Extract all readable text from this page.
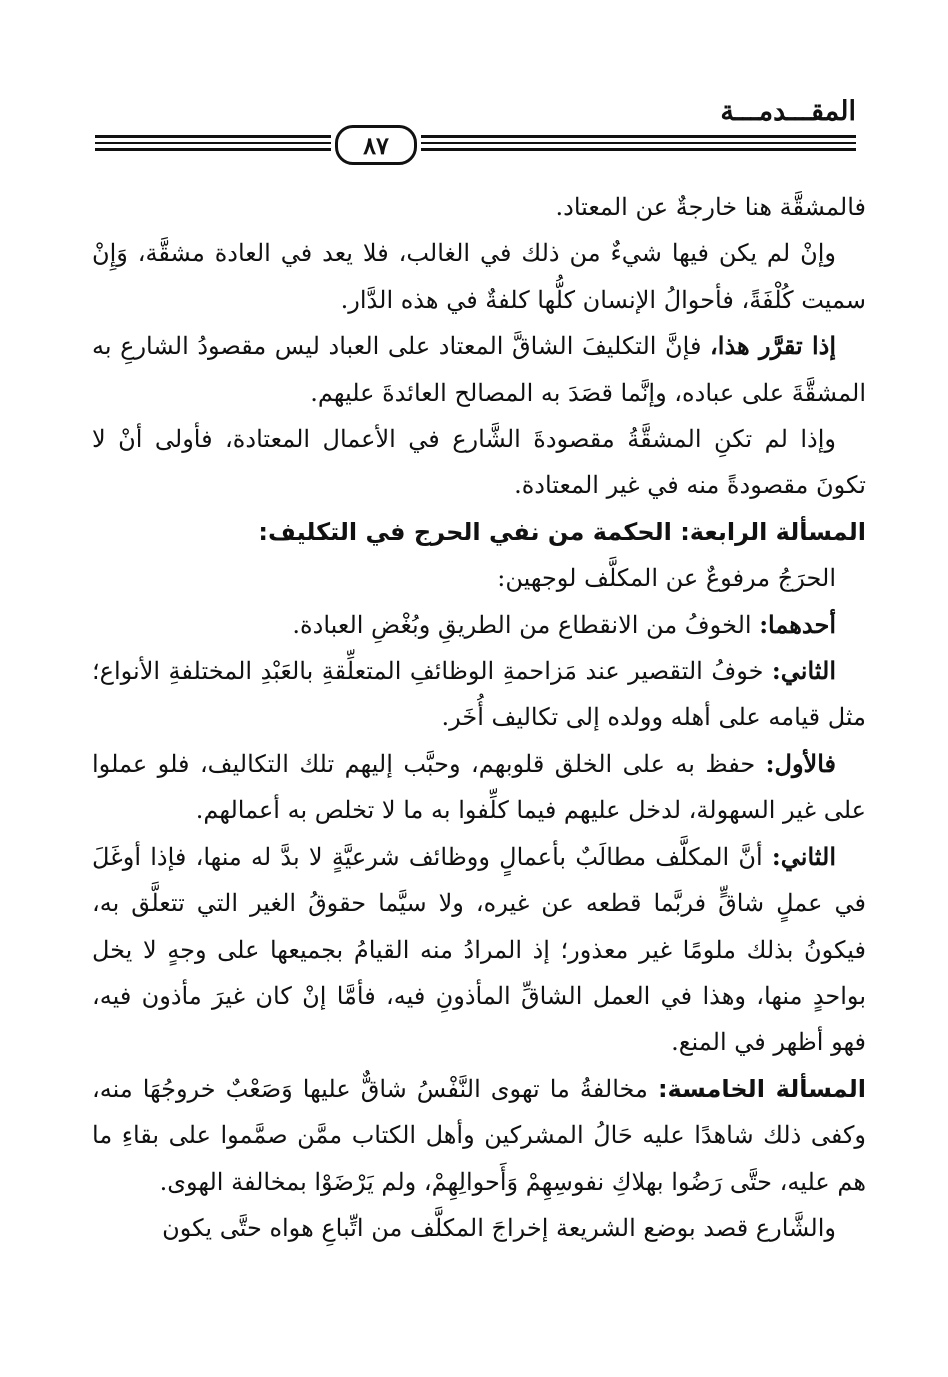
المقـــدمـــة
٨٧

فالمشقَّة هنا خارجةٌ عن المعتاد.

وإنْ لم يكن فيها شيءٌ من ذلك في الغالب، فلا يعد في العادة مشقَّة، وَإِنْ سميت كُلْفَةً، فأحوالُ الإنسان كلُّها كلفةٌ في هذه الدَّار.

إذا تقرَّر هذا، فإنَّ التكليفَ الشاقَّ المعتاد على العباد ليس مقصودُ الشارعِ به المشقَّةَ على عباده، وإنَّما قصَدَ به المصالح العائدةَ عليهم.

وإذا لم تكنِ المشقَّةُ مقصودةَ الشَّارع في الأعمال المعتادة، فأولى أنْ لا تكونَ مقصودةً منه في غير المعتادة.

المسألة الرابعة: الحكمة من نفي الحرج في التكليف:

الحرَجُ مرفوعٌ عن المكلَّف لوجهين:

أحدهما: الخوفُ من الانقطاع من الطريقِ وبُغْضِ العبادة.

الثاني: خوفُ التقصير عند مَزاحمةِ الوظائفِ المتعلِّقةِ بالعَبْدِ المختلفةِ الأنواع؛ مثل قيامه على أهله وولده إلى تكاليف أُخَر.

فالأول: حفظ به على الخلق قلوبهم، وحبَّب إليهم تلك التكاليف، فلو عملوا على غير السهولة، لدخل عليهم فيما كلِّفوا به ما لا تخلص به أعمالهم.

الثاني: أنَّ المكلَّف مطالَبٌ بأعمالٍ ووظائف شرعيَّةٍ لا بدَّ له منها، فإذا أوغَلَ في عملٍ شاقٍّ فربَّما قطعه عن غيره، ولا سيَّما حقوقُ الغير التي تتعلَّق به، فيكونُ بذلك ملومًا غير معذور؛ إذ المرادُ منه القيامُ بجميعها على وجهٍ لا يخل بواحدٍ منها، وهذا في العمل الشاقِّ المأذونِ فيه، فأمَّا إنْ كان غيرَ مأذون فيه، فهو أظهر في المنع.

المسألة الخامسة: مخالفةُ ما تهوى النَّفْسُ شاقٌّ عليها وَصَعْبٌ خروجُهَا منه، وكفى ذلك شاهدًا عليه حَالُ المشركين وأهل الكتاب ممَّن صمَّموا على بقاءِ ما هم عليه، حتَّى رَضُوا بهلاكِ نفوسِهِمْ وَأَحوالِهِمْ، ولم يَرْضَوْا بمخالفة الهوى.

والشَّارع قصد بوضع الشريعة إخراجَ المكلَّف من اتِّباعِ هواه حتَّى يكون
